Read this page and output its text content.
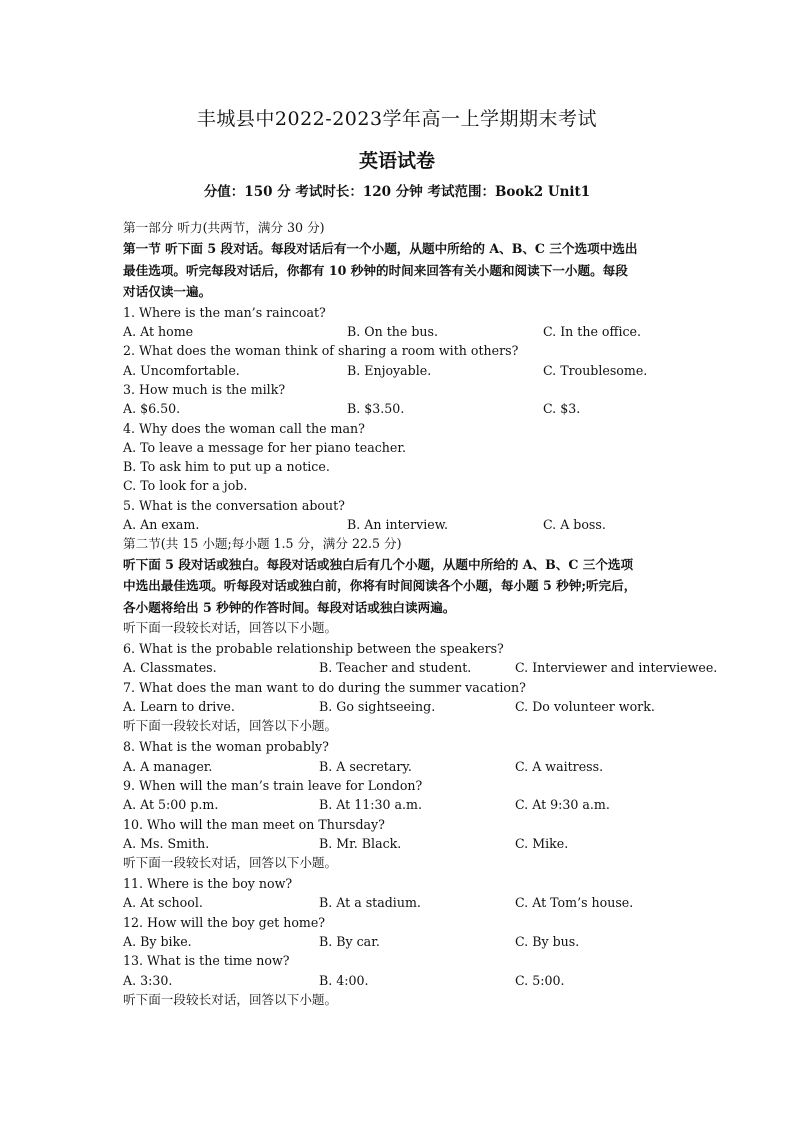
丰城县中2022-2023学年高一上学期期末考试
英语试卷
分值：150 分 考试时长：120 分钟 考试范围：Book2 Unit1
第一部分 听力(共两节，满分 30 分)
第一节 听下面 5 段对话。每段对话后有一个小题，从题中所给的 A、B、C 三个选项中选出
最佳选项。听完每段对话后，你都有 10 秒钟的时间来回答有关小题和阅读下一小题。每段
对话仅读一遍。
1. Where is the man’s raincoat?
A. At home	B. On the bus.	C. In the office.
2. What does the woman think of sharing a room with others?
A. Uncomfortable.	B. Enjoyable.	C. Troublesome.
3. How much is the milk?
A. $6.50.	B. $3.50.	C. $3.
4. Why does the woman call the man?
A. To leave a message for her piano teacher.
B. To ask him to put up a notice.
C. To look for a job.
5. What is the conversation about?
A. An exam.	B. An interview.	C. A boss.
第二节(共 15 小题;每小题 1.5 分，满分 22.5 分)
听下面 5 段对话或独白。每段对话或独白后有几个小题，从题中所给的 A、B、C 三个选项
中选出最佳选项。听每段对话或独白前，你将有时间阅读各个小题，每小题 5 秒钟;听完后，
各小题将给出 5 秒钟的作答时间。每段对话或独白读两遍。
听下面一段较长对话，回答以下小题。
6. What is the probable relationship between the speakers?
A. Classmates.	B. Teacher and student.	C. Interviewer and interviewee.
7. What does the man want to do during the summer vacation?
A. Learn to drive.	B. Go sightseeing.	C. Do volunteer work.
听下面一段较长对话，回答以下小题。
8. What is the woman probably?
A. A manager.	B. A secretary.	C. A waitress.
9. When will the man’s train leave for London?
A. At 5:00 p.m.	B. At 11:30 a.m.	C. At 9:30 a.m.
10. Who will the man meet on Thursday?
A. Ms. Smith.	B. Mr. Black.	C. Mike.
听下面一段较长对话，回答以下小题。
11. Where is the boy now?
A. At school.	B. At a stadium.	C. At Tom’s house.
12. How will the boy get home?
A. By bike.	B. By car.	C. By bus.
13. What is the time now?
A. 3:30.	B. 4:00.	C. 5:00.
听下面一段较长对话，回答以下小题。
